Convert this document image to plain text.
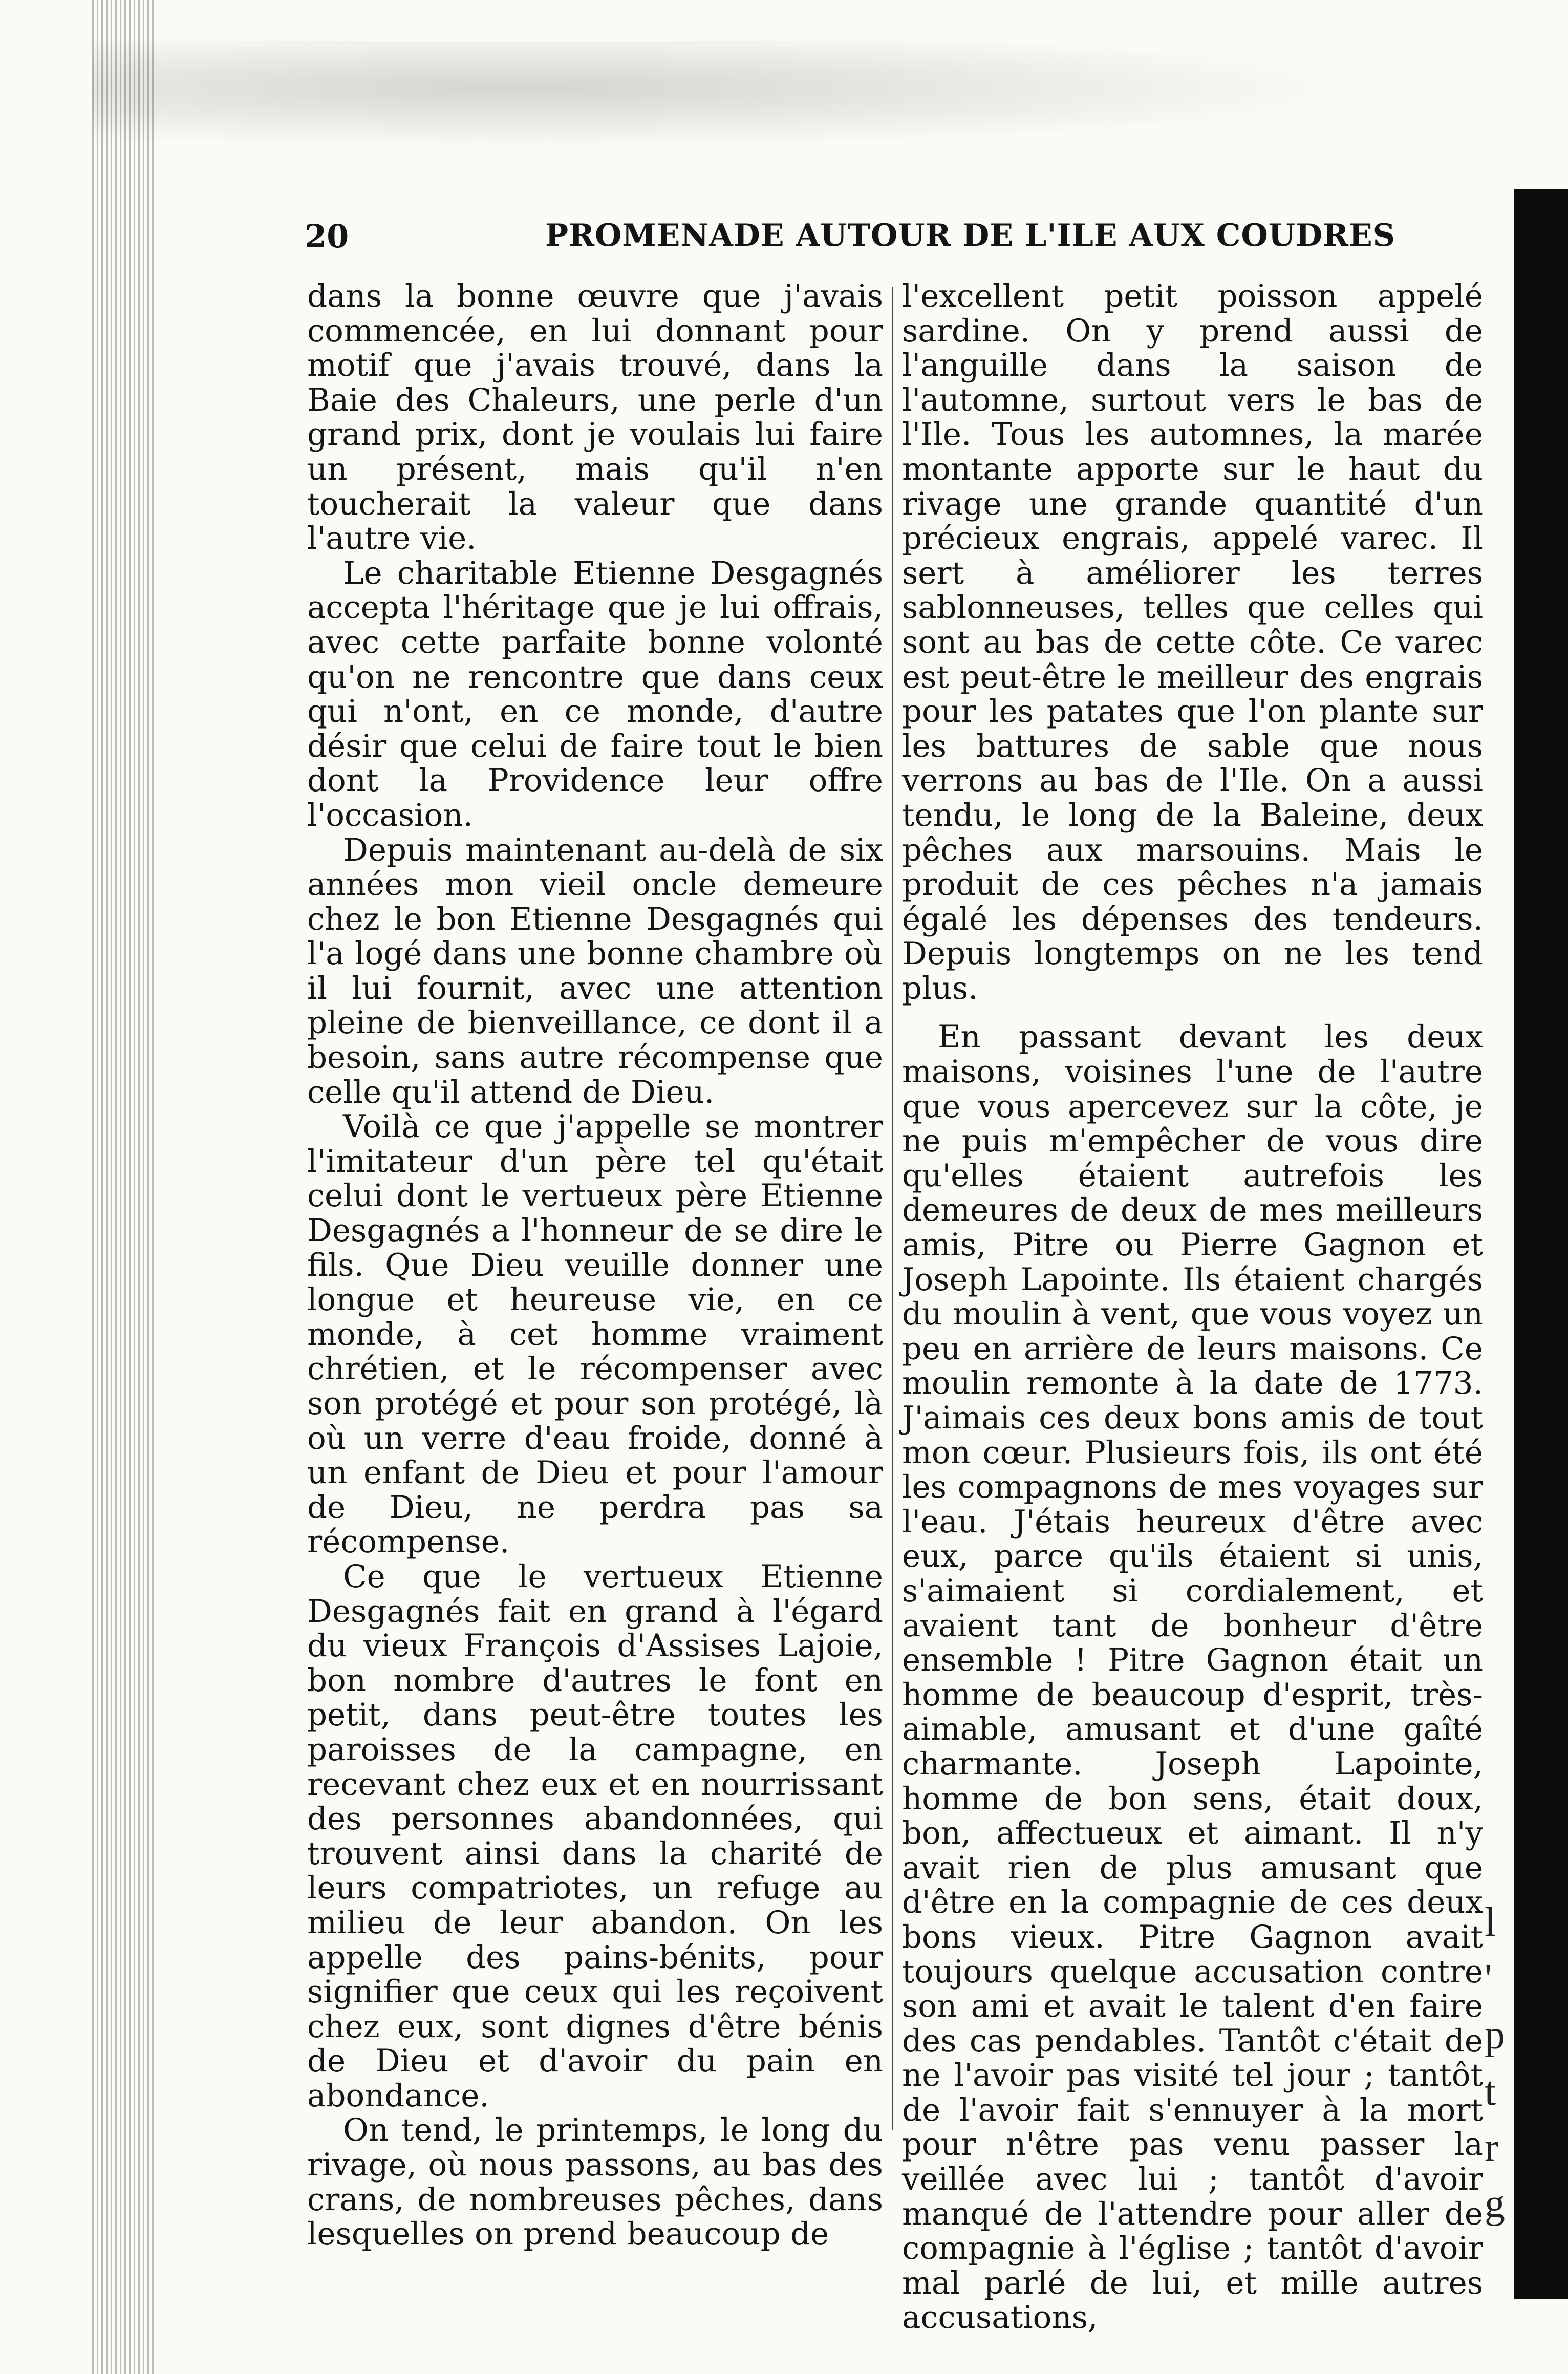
l
'
p
t
r
g
20	PROMENADE AUTOUR DE L'ILE AUX COUDRES

dans la bonne œuvre que j'avais commencée, en lui donnant pour motif que j'avais trouvé, dans la Baie des Chaleurs, une perle d'un grand prix, dont je voulais lui faire un présent, mais qu'il n'en toucherait la valeur que dans l'autre vie.

Le charitable Etienne Desgagnés accepta l'héritage que je lui offrais, avec cette parfaite bonne volonté qu'on ne rencontre que dans ceux qui n'ont, en ce monde, d'autre désir que celui de faire tout le bien dont la Providence leur offre l'occasion.

Depuis maintenant au-delà de six années mon vieil oncle demeure chez le bon Etienne Desgagnés qui l'a logé dans une bonne chambre où il lui fournit, avec une attention pleine de bienveillance, ce dont il a besoin, sans autre récompense que celle qu'il attend de Dieu.

Voilà ce que j'appelle se montrer l'imitateur d'un père tel qu'était celui dont le vertueux père Etienne Desgagnés a l'honneur de se dire le fils. Que Dieu veuille donner une longue et heureuse vie, en ce monde, à cet homme vraiment chrétien, et le récompenser avec son protégé et pour son protégé, là où un verre d'eau froide, donné à un enfant de Dieu et pour l'amour de Dieu, ne perdra pas sa récompense.

Ce que le vertueux Etienne Desgagnés fait en grand à l'égard du vieux François d'Assises Lajoie, bon nombre d'autres le font en petit, dans peut-être toutes les paroisses de la campagne, en recevant chez eux et en nourrissant des personnes abandonnées, qui trouvent ainsi dans la charité de leurs compatriotes, un refuge au milieu de leur abandon. On les appelle des pains-bénits, pour signifier que ceux qui les reçoivent chez eux, sont dignes d'être bénis de Dieu et d'avoir du pain en abondance.

On tend, le printemps, le long du rivage, où nous passons, au bas des crans, de nombreuses pêches, dans lesquelles on prend beaucoup de

l'excellent petit poisson appelé sardine. On y prend aussi de l'anguille dans la saison de l'automne, surtout vers le bas de l'Ile. Tous les automnes, la marée montante apporte sur le haut du rivage une grande quantité d'un précieux engrais, appelé varec. Il sert à améliorer les terres sablonneuses, telles que celles qui sont au bas de cette côte. Ce varec est peut-être le meilleur des engrais pour les patates que l'on plante sur les battures de sable que nous verrons au bas de l'Ile. On a aussi tendu, le long de la Baleine, deux pêches aux marsouins. Mais le produit de ces pêches n'a jamais égalé les dépenses des tendeurs. Depuis longtemps on ne les tend plus.

En passant devant les deux maisons, voisines l'une de l'autre que vous apercevez sur la côte, je ne puis m'empêcher de vous dire qu'elles étaient autrefois les demeures de deux de mes meilleurs amis, Pitre ou Pierre Gagnon et Joseph Lapointe. Ils étaient chargés du moulin à vent, que vous voyez un peu en arrière de leurs maisons. Ce moulin remonte à la date de 1773. J'aimais ces deux bons amis de tout mon cœur. Plusieurs fois, ils ont été les compagnons de mes voyages sur l'eau. J'étais heureux d'être avec eux, parce qu'ils étaient si unis, s'aimaient si cordialement, et avaient tant de bonheur d'être ensemble ! Pitre Gagnon était un homme de beaucoup d'esprit, très-aimable, amusant et d'une gaîté charmante. Joseph Lapointe, homme de bon sens, était doux, bon, affectueux et aimant. Il n'y avait rien de plus amusant que d'être en la compagnie de ces deux bons vieux. Pitre Gagnon avait toujours quelque accusation contre son ami et avait le talent d'en faire des cas pendables. Tantôt c'était de ne l'avoir pas visité tel jour ; tantôt de l'avoir fait s'ennuyer à la mort pour n'être pas venu passer la veillée avec lui ; tantôt d'avoir manqué de l'attendre pour aller de compagnie à l'église ; tantôt d'avoir mal parlé de lui, et mille autres accusations,
